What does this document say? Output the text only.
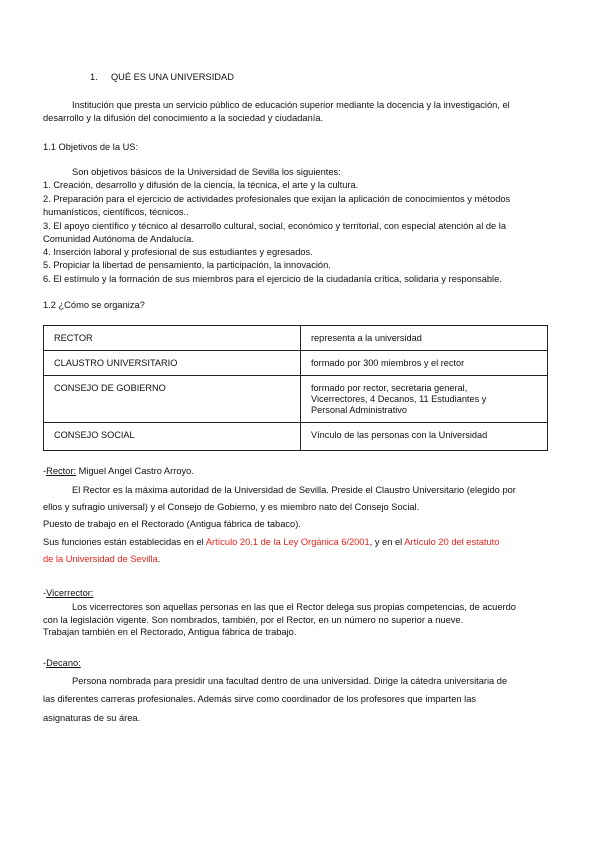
1. QUÉ ES UNA UNIVERSIDAD
Institución que presta un servicio público de educación superior mediante la docencia y la investigación, el
desarrollo y la difusión del conocimiento a la sociedad y ciudadanía.
1.1 Objetivos de la US:
Son objetivos básicos de la Universidad de Sevilla los siguientes:
1. Creación, desarrollo y difusión de la ciencia, la técnica, el arte y la cultura.
2. Preparación para el ejercicio de actividades profesionales que exijan la aplicación de conocimientos y métodos
humanísticos, científicos, técnicos..
3. El apoyo científico y técnico al desarrollo cultural, social, económico y territorial, con especial atención al de la
Comunidad Autónoma de Andalucía.
4. Inserción laboral y profesional de sus estudiantes y egresados.
5. Propiciar la libertad de pensamiento, la participación, la innovación.
6. El estímulo y la formación de sus miembros para el ejercicio de la ciudadanía crítica, solidaria y responsable.
1.2 ¿Cómo se organiza?
RECTOR	representa a la universidad
CLAUSTRO UNIVERSITARIO	formado por 300 miembros y el rector
CONSEJO DE GOBIERNO	formado por rector, secretaria general,
Vicerrectores, 4 Decanos, 11 Estudiantes y
Personal Administrativo

CONSEJO SOCIAL	Vínculo de las personas con la Universidad
-Rector: Miguel Angel Castro Arroyo.
El Rector es la máxima autoridad de la Universidad de Sevilla. Preside el Claustro Universitario (elegido por
ellos y sufragio universal) y el Consejo de Gobierno, y es miembro nato del Consejo Social.
Puesto de trabajo en el Rectorado (Antigua fábrica de tabaco).
Sus funciones están establecidas en el Artículo 20.1 de la Ley Orgánica 6/2001, y en el Artículo 20 del estatuto
de la Universidad de Sevilla.
-Vicerrector:
Los vicerrectores son aquellas personas en las que el Rector delega sus propias competencias, de acuerdo
con la legislación vigente. Son nombrados, también, por el Rector, en un número no superior a nueve.
Trabajan también en el Rectorado, Antigua fábrica de trabajo.
-Decano:
Persona nombrada para presidir una facultad dentro de una universidad. Dirige la cátedra universitaria de
las diferentes carreras profesionales. Además sirve como coordinador de los profesores que imparten las
asignaturas de su área.
